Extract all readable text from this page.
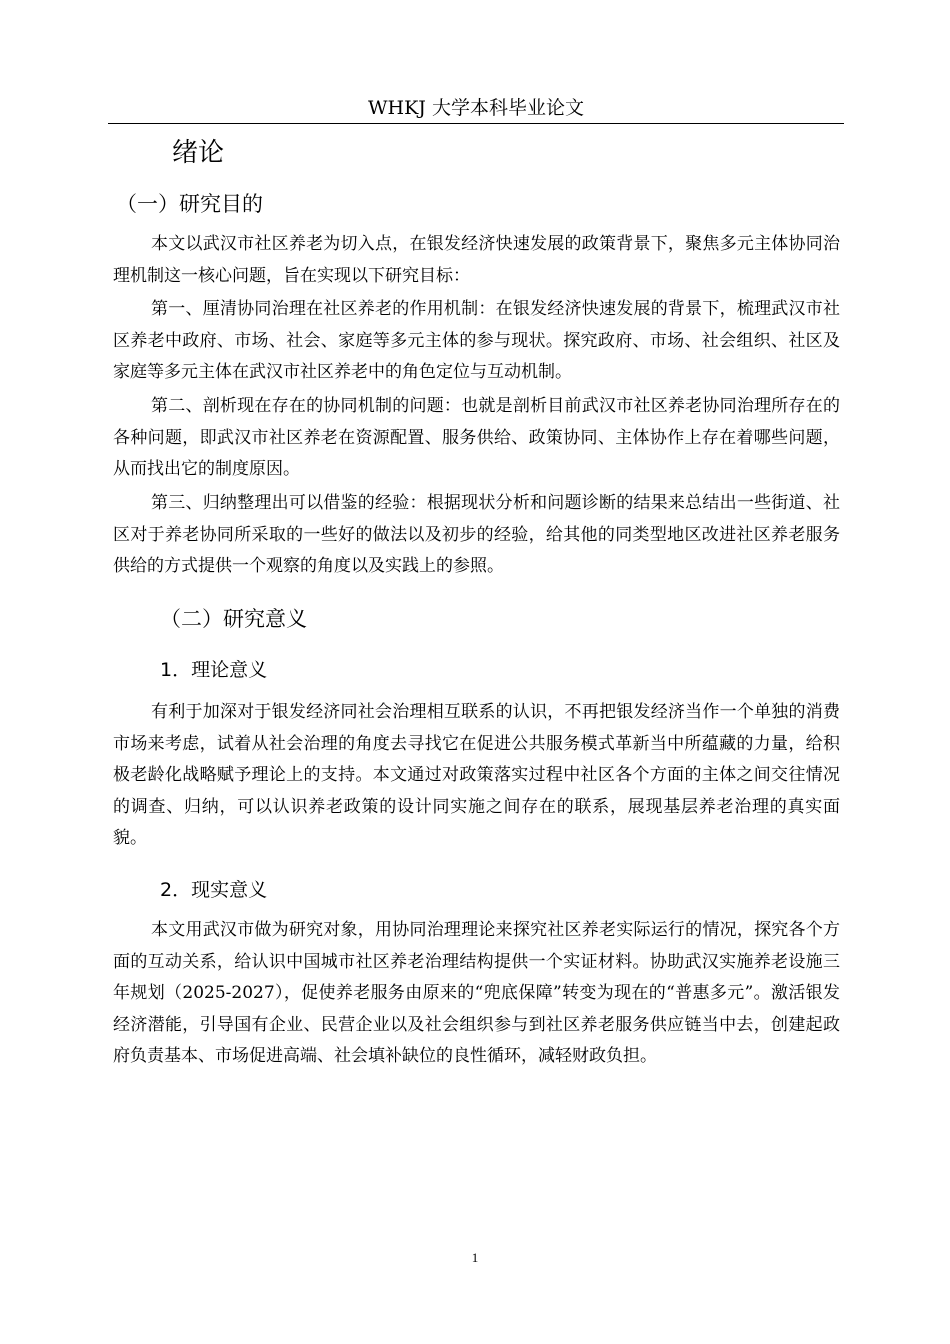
WHKJ 大学本科毕业论文
绪论
（一）研究目的

本文以武汉市社区养老为切入点，在银发经济快速发展的政策背景下，聚焦多元主体协同治理机制这一核心问题，旨在实现以下研究目标：

第一、厘清协同治理在社区养老的作用机制：在银发经济快速发展的背景下，梳理武汉市社区养老中政府、市场、社会、家庭等多元主体的参与现状。探究政府、市场、社会组织、社区及家庭等多元主体在武汉市社区养老中的角色定位与互动机制。

第二、剖析现在存在的协同机制的问题：也就是剖析目前武汉市社区养老协同治理所存在的各种问题，即武汉市社区养老在资源配置、服务供给、政策协同、主体协作上存在着哪些问题，从而找出它的制度原因。

第三、归纳整理出可以借鉴的经验：根据现状分析和问题诊断的结果来总结出一些街道、社区对于养老协同所采取的一些好的做法以及初步的经验，给其他的同类型地区改进社区养老服务供给的方式提供一个观察的角度以及实践上的参照。

（二）研究意义
1．理论意义

有利于加深对于银发经济同社会治理相互联系的认识，不再把银发经济当作一个单独的消费市场来考虑，试着从社会治理的角度去寻找它在促进公共服务模式革新当中所蕴藏的力量，给积极老龄化战略赋予理论上的支持。本文通过对政策落实过程中社区各个方面的主体之间交往情况的调查、归纳，可以认识养老政策的设计同实施之间存在的联系，展现基层养老治理的真实面貌。

2．现实意义

本文用武汉市做为研究对象，用协同治理理论来探究社区养老实际运行的情况，探究各个方面的互动关系，给认识中国城市社区养老治理结构提供一个实证材料。协助武汉实施养老设施三年规划（2025-2027），促使养老服务由原来的“兜底保障”转变为现在的“普惠多元”。激活银发经济潜能，引导国有企业、民营企业以及社会组织参与到社区养老服务供应链当中去，创建起政府负责基本、市场促进高端、社会填补缺位的良性循环，减轻财政负担。

1
